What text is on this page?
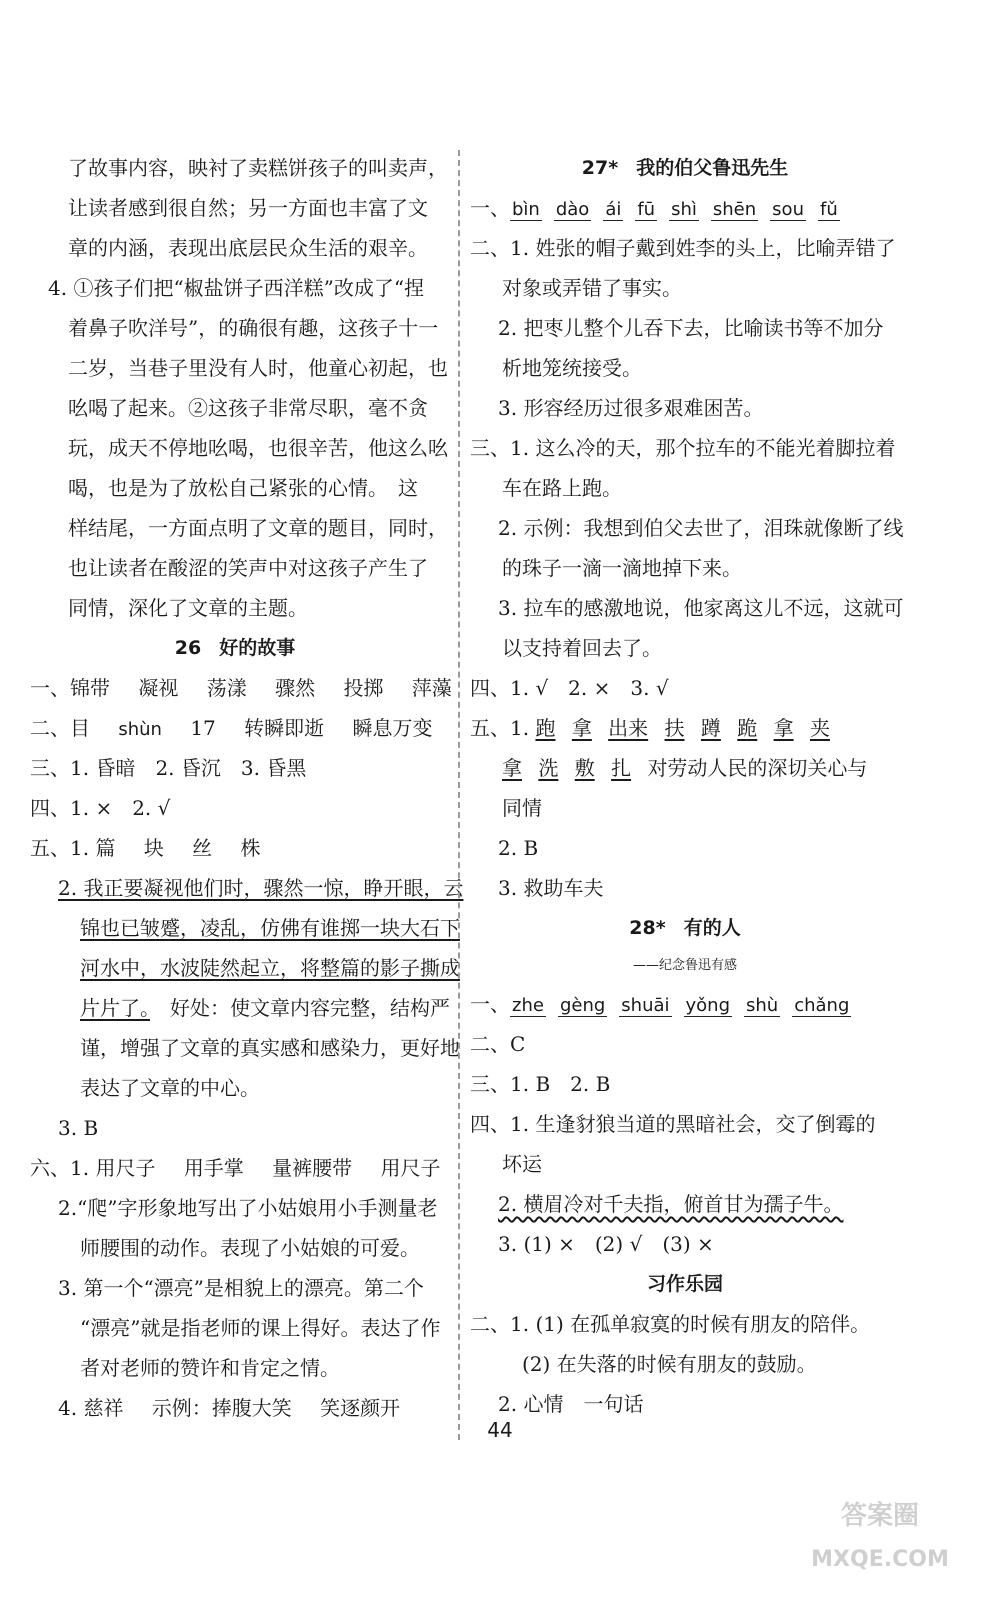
了故事内容，映衬了卖糕饼孩子的叫卖声，
让读者感到很自然；另一方面也丰富了文
章的内涵，表现出底层民众生活的艰辛。
4. ①孩子们把“椒盐饼子西洋糕”改成了“捏
着鼻子吹洋号”，的确很有趣，这孩子十一
二岁，当巷子里没有人时，他童心初起，也
吆喝了起来。②这孩子非常尽职，毫不贪
玩，成天不停地吆喝，也很辛苦，他这么吆
喝，也是为了放松自己紧张的心情。　这
样结尾，一方面点明了文章的题目，同时，
也让读者在酸涩的笑声中对这孩子产生了
同情，深化了文章的主题。
26 好的故事
一、锦带 凝视 荡漾 骤然 投掷 萍藻
二、目 shùn 17 转瞬即逝 瞬息万变
三、1. 昏暗　2. 昏沉　3. 昏黑
四、1. ×　2. √
五、1. 篇 块 丝 株
2. 我正要凝视他们时，骤然一惊，睁开眼，云
锦也已皱蹙，凌乱，仿佛有谁掷一块大石下
河水中，水波陡然起立，将整篇的影子撕成
片片了。　好处：使文章内容完整，结构严
谨，增强了文章的真实感和感染力，更好地
表达了文章的中心。
3. B
六、1. 用尺子 用手掌 量裤腰带 用尺子
2.“爬”字形象地写出了小姑娘用小手测量老
师腰围的动作。表现了小姑娘的可爱。
3. 第一个“漂亮”是相貌上的漂亮。第二个
“漂亮”就是指老师的课上得好。表达了作
者对老师的赞许和肯定之情。
4. 慈祥 示例：捧腹大笑 笑逐颜开
27* 我的伯父鲁迅先生
一、 bìn dào ái fū shì shēn sou fǔ
二、1. 姓张的帽子戴到姓李的头上，比喻弄错了
对象或弄错了事实。
2. 把枣儿整个儿吞下去，比喻读书等不加分
析地笼统接受。
3. 形容经历过很多艰难困苦。
三、1. 这么冷的天，那个拉车的不能光着脚拉着
车在路上跑。
2. 示例：我想到伯父去世了，泪珠就像断了线
的珠子一滴一滴地掉下来。
3. 拉车的感激地说，他家离这儿不远，这就可
以支持着回去了。
四、1. √　2. ×　3. √
五、1. 跑 拿 出来 扶 蹲 跪 拿 夹
拿 洗 敷 扎 对劳动人民的深切关心与
同情
2. B
3. 救助车夫
28* 有的人
——纪念鲁迅有感
一、 zhe gèng shuāi yǒng shù chǎng
二、C
三、1. B　2. B
四、1. 生逢豺狼当道的黑暗社会，交了倒霉的
坏运
2. 横眉冷对千夫指，俯首甘为孺子牛。
3. (1) ×　(2) √　(3) ×
习作乐园
二、1. (1) 在孤单寂寞的时候有朋友的陪伴。
(2) 在失落的时候有朋友的鼓励。
2. 心情　一句话
44
答案圈
MXQE.COM
